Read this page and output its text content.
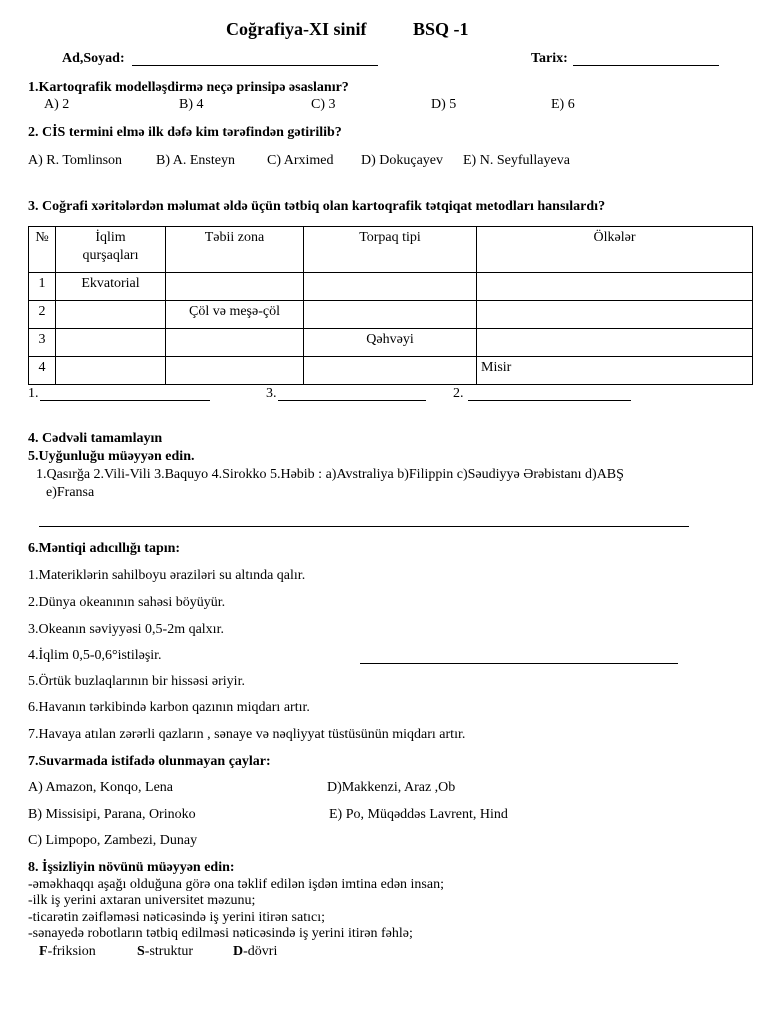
Coğrafiya-XI sinif	BSQ -1
Ad,Soyad:	Tarix:
1.Kartoqrafik modelləşdirmə neçə prinsipə əsaslanır?
A) 2	B) 4	C) 3	D) 5	E) 6
2. CİS termini elmə ilk dəfə kim tərəfindən gətirilib?
A) R. Tomlinson B) A. Ensteyn C) Arximed D) Dokuçayev E) N. Seyfullayeva
3. Coğrafi xəritələrdən məlumat əldə üçün tətbiq olan kartoqrafik tətqiqat metodları hansılardı?
№	İqlim qurşaqları	Təbii zona	Torpaq tipi	Ölkələr
1	Ekvatorial			
2		Çöl və meşə-çöl		
3			Qəhvəyi	
4				Misir
1.	3.	2.
4. Cədvəli tamamlayın
5.Uyğunluğu müəyyən edin.
1.Qasırğa 2.Vili-Vili 3.Baquyo 4.Sirokko 5.Həbib : a)Avstraliya b)Filippin c)Səudiyyə Ərəbistanı d)ABŞ
e)Fransa
6.Məntiqi adıcıllığı tapın:
1.Materiklərin sahilboyu əraziləri su altında qalır.
2.Dünya okeanının sahəsi böyüyür.
3.Okeanın səviyyəsi 0,5-2m qalxır.
4.İqlim 0,5-0,6°istiləşir.
5.Örtük buzlaqlarının bir hissəsi əriyir.
6.Havanın tərkibində karbon qazının miqdarı artır.
7.Havaya atılan zərərli qazların , sənaye və nəqliyyat tüstüsünün miqdarı artır.
7.Suvarmada istifadə olunmayan çaylar:
A) Amazon, Konqo, Lena	D)Makkenzi, Araz ,Ob
B) Missisipi, Parana, Orinoko	E) Po, Müqəddəs Lavrent, Hind
C) Limpopo, Zambezi, Dunay
8. İşsizliyin növünü müəyyən edin:
-əməkhaqqı aşağı olduğuna görə ona təklif edilən işdən imtina edən insan;
-ilk iş yerini axtaran universitet məzunu;
-ticarətin zəifləməsi nəticəsində iş yerini itirən satıcı;
-sənayedə robotların tətbiq edilməsi nəticəsində iş yerini itirən fəhlə;
F-friksion	S-struktur	D-dövri
